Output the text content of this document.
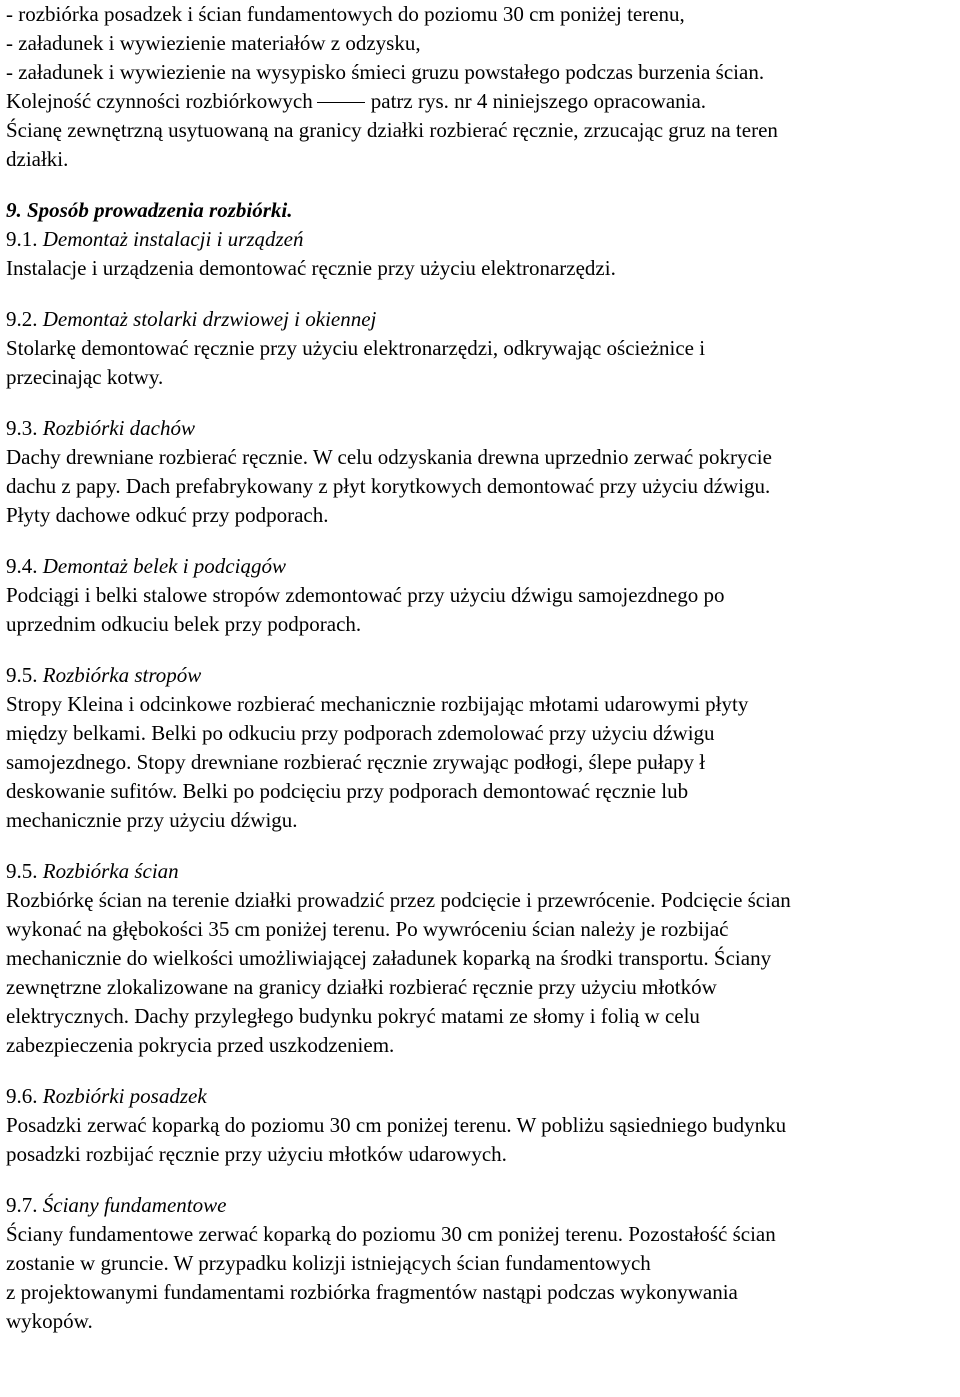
- rozbiórka posadzek i ścian fundamentowych do poziomu 30 cm poniżej terenu,
- załadunek i wywiezienie materiałów z odzysku,
- załadunek i wywiezienie na wysypisko śmieci gruzu powstałego podczas burzenia ścian.
Kolejność czynności rozbiórkowych	patrz rys. nr 4 niniejszego opracowania.
Ścianę zewnętrzną usytuowaną na granicy działki rozbierać ręcznie, zrzucając gruz na teren
działki.
9. Sposób prowadzenia rozbiórki.
9.1. Demontaż instalacji i urządzeń
Instalacje i urządzenia demontować ręcznie przy użyciu elektronarzędzi.
9.2. Demontaż stolarki drzwiowej i okiennej
Stolarkę demontować ręcznie przy użyciu elektronarzędzi, odkrywając ościeżnice i
przecinając kotwy.
9.3. Rozbiórki dachów
Dachy drewniane rozbierać ręcznie. W celu odzyskania drewna uprzednio zerwać pokrycie
dachu z papy. Dach prefabrykowany z płyt korytkowych demontować przy użyciu dźwigu.
Płyty dachowe odkuć przy podporach.
9.4. Demontaż belek i podciągów
Podciągi i belki stalowe stropów zdemontować przy użyciu dźwigu samojezdnego po
uprzednim odkuciu belek przy podporach.
9.5. Rozbiórka stropów
Stropy Kleina i odcinkowe rozbierać mechanicznie rozbijając młotami udarowymi płyty
między belkami. Belki po odkuciu przy podporach zdemolować przy użyciu dźwigu
samojezdnego. Stopy drewniane rozbierać ręcznie zrywając podłogi, ślepe pułapy ł
deskowanie sufitów. Belki po podcięciu przy podporach demontować ręcznie lub
mechanicznie przy użyciu dźwigu.
9.5. Rozbiórka ścian
Rozbiórkę ścian na terenie działki prowadzić przez podcięcie i przewrócenie. Podcięcie ścian
wykonać na głębokości 35 cm poniżej terenu. Po wywróceniu ścian należy je rozbijać
mechanicznie do wielkości umożliwiającej załadunek koparką na środki transportu. Ściany
zewnętrzne zlokalizowane na granicy działki rozbierać ręcznie przy użyciu młotków
elektrycznych. Dachy przyległego budynku pokryć matami ze słomy i folią w celu
zabezpieczenia pokrycia przed uszkodzeniem.
9.6. Rozbiórki posadzek
Posadzki zerwać koparką do poziomu 30 cm poniżej terenu. W pobliżu sąsiedniego budynku
posadzki rozbijać ręcznie przy użyciu młotków udarowych.
9.7. Ściany fundamentowe
Ściany fundamentowe zerwać koparką do poziomu 30 cm poniżej terenu. Pozostałość ścian
zostanie w gruncie. W przypadku kolizji istniejących ścian fundamentowych
z projektowanymi fundamentami rozbiórka fragmentów nastąpi podczas wykonywania
wykopów.
